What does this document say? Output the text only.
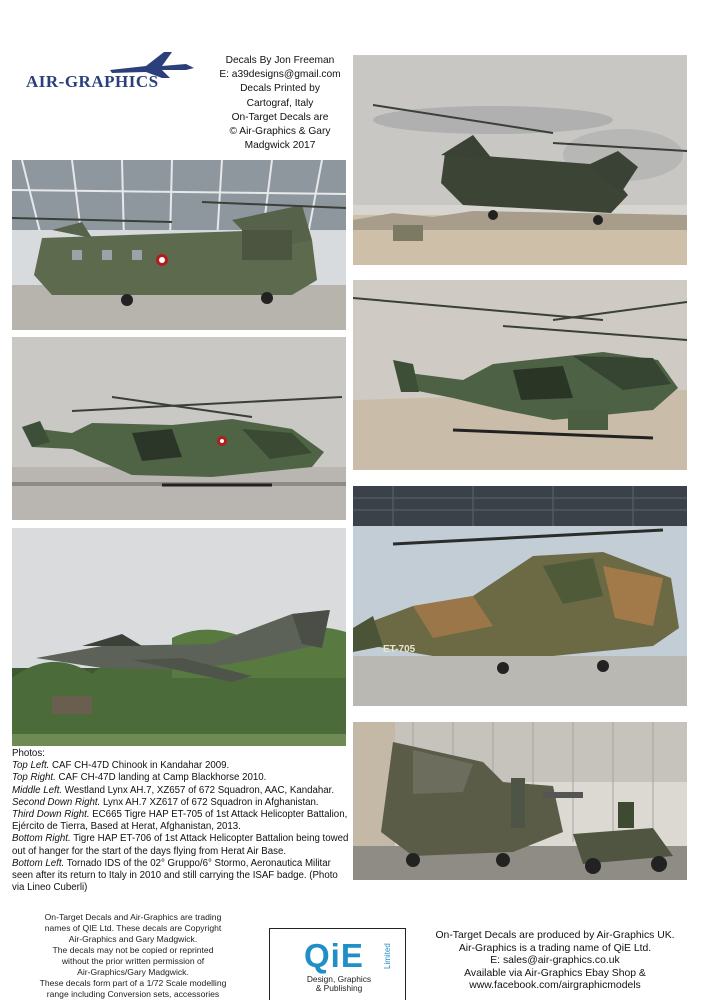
AIR-GRAPHICS
Decals By Jon Freeman
E: a39designs@gmail.com
Decals Printed by
Cartograf, Italy
On-Target Decals are
© Air-Graphics & Gary
Madgwick 2017
ET-705

Photos:

Top Left. CAF CH-47D Chinook in Kandahar 2009.

Top Right. CAF CH-47D landing at Camp Blackhorse 2010.

Middle Left. Westland Lynx AH.7, XZ657 of 672 Squadron, AAC, Kandahar.

Second Down Right. Lynx AH.7 XZ617 of 672 Squadron in Afghanistan.

Third Down Right. EC665 Tigre HAP ET-705 of 1st Attack Helicopter Battalion, Ejército de Tierra, Based at Herat, Afghanistan, 2013.

Bottom Right. Tigre HAP ET-706 of 1st Attack Helicopter Battalion being towed out of hanger for the start of the days flying from Herat Air Base.

Bottom Left. Tornado IDS of the 02° Gruppo/6° Stormo, Aeronautica Militar seen after its return to Italy in 2010 and still carrying the ISAF badge. (Photo via Lineo Cuberli)

On-Target Decals and Air-Graphics are trading
names of QIE Ltd. These decals are Copyright
Air-Graphics and Gary Madgwick.
The decals may not be copied or reprinted
without the prior written permission of
Air-Graphics/Gary Madgwick.
These decals form part of a 1/72 Scale modelling
range including Conversion sets, accessories
QiE Limited
Design, Graphics
& Publishing
On-Target Decals are produced by Air-Graphics UK.
Air-Graphics is a trading name of QiE Ltd.
E: sales@air-graphics.co.uk
Available via Air-Graphics Ebay Shop &
www.facebook.com/airgraphicmodels
